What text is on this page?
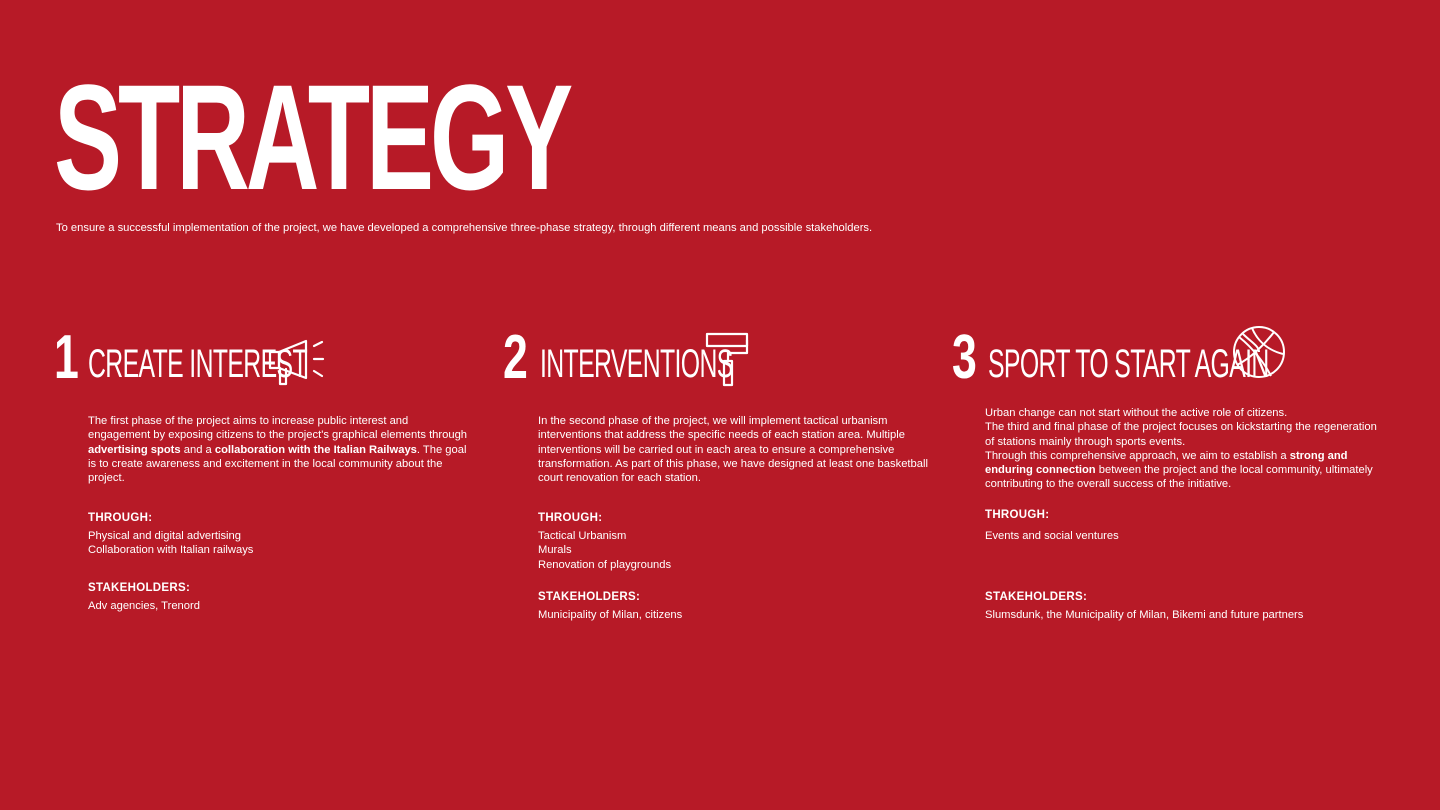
STRATEGY
To ensure a successful implementation of the project, we have developed a comprehensive three-phase strategy, through different means and possible stakeholders.
1 CREATE INTEREST
The first phase of the project aims to increase public interest and engagement by exposing citizens to the project's graphical elements through advertising spots and a collaboration with the Italian Railways. The goal is to create awareness and excitement in the local community about the project.
THROUGH:
Physical and digital advertising
Collaboration with Italian railways
STAKEHOLDERS:
Adv agencies, Trenord
2 INTERVENTIONS
In the second phase of the project, we will implement tactical urbanism interventions that address the specific needs of each station area. Multiple interventions will be carried out in each area to ensure a comprehensive transformation. As part of this phase, we have designed at least one basketball court renovation for each station.
THROUGH:
Tactical Urbanism
Murals
Renovation of playgrounds
STAKEHOLDERS:
Municipality of Milan, citizens
3 SPORT TO START AGAIN

Urban change can not start without the active role of citizens.

The third and final phase of the project focuses on kickstarting the regeneration of stations mainly through sports events.

Through this comprehensive approach, we aim to establish a strong and enduring connection between the project and the local community, ultimately contributing to the overall success of the initiative.

THROUGH:
Events and social ventures
STAKEHOLDERS:
Slumsdunk, the Municipality of Milan, Bikemi and future partners
